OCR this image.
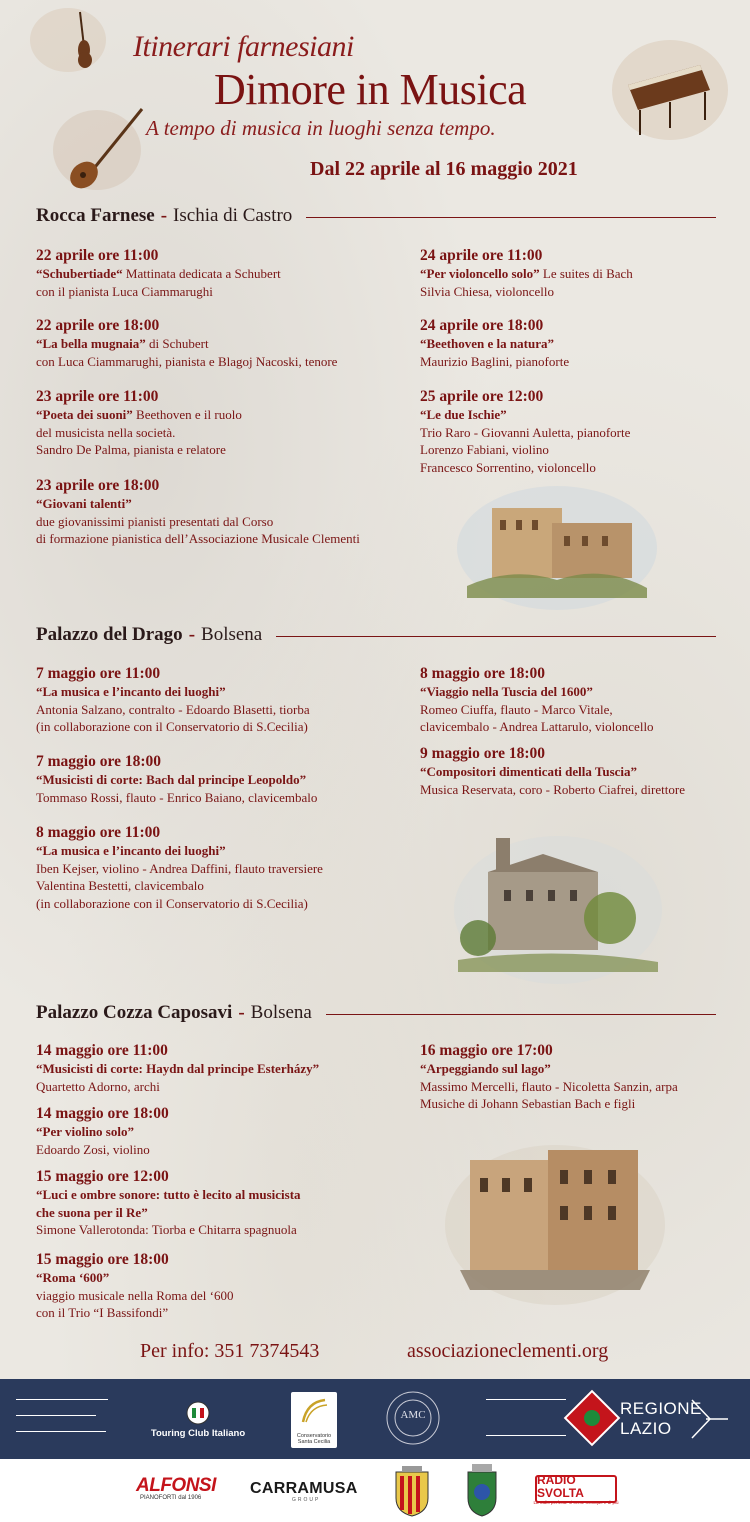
Itinerari farnesiani
Dimore in Musica
A tempo di musica in luoghi senza tempo.
Dal 22 aprile al 16 maggio 2021
Rocca Farnese - Ischia di Castro
22 aprile ore 11:00
“Schubertiade“ Mattinata dedicata a Schubert
con il pianista Luca Ciammarughi
22 aprile ore 18:00
“La bella mugnaia” di Schubert
con Luca Ciammarughi, pianista e Blagoj Nacoski, tenore
23 aprile ore 11:00
“Poeta dei suoni” Beethoven e il ruolo
del musicista nella società.
Sandro De Palma, pianista e relatore
23 aprile ore 18:00
“Giovani talenti”
due giovanissimi pianisti presentati dal Corso
di formazione pianistica dell’Associazione Musicale Clementi
24 aprile ore 11:00
“Per violoncello solo” Le suites di Bach
Silvia Chiesa, violoncello
24 aprile ore 18:00
“Beethoven e la natura”
Maurizio Baglini, pianoforte
25 aprile ore 12:00
“Le due Ischie”
Trio Raro - Giovanni Auletta, pianoforte
Lorenzo Fabiani, violino
Francesco Sorrentino, violoncello
Palazzo del Drago - Bolsena
7 maggio ore 11:00
“La musica e l’incanto dei luoghi”
Antonia Salzano, contralto - Edoardo Blasetti, tiorba
(in collaborazione con il Conservatorio di S.Cecilia)
7 maggio ore 18:00
“Musicisti di corte: Bach dal principe Leopoldo”
Tommaso Rossi, flauto - Enrico Baiano, clavicembalo
8 maggio ore 11:00
“La musica e l’incanto dei luoghi”
Iben Kejser, violino - Andrea Daffini, flauto traversiere
Valentina Bestetti, clavicembalo
(in collaborazione con il Conservatorio di S.Cecilia)
8 maggio ore 18:00
“Viaggio nella Tuscia del 1600”
Romeo Ciuffa, flauto - Marco Vitale,
clavicembalo - Andrea Lattarulo, violoncello
9 maggio ore 18:00
“Compositori dimenticati della Tuscia”
Musica Reservata, coro - Roberto Ciafrei, direttore
Palazzo Cozza Caposavi - Bolsena
14 maggio ore 11:00
“Musicisti di corte: Haydn dal principe Esterházy”
Quartetto Adorno, archi
14 maggio ore 18:00
“Per violino solo”
Edoardo Zosi, violino
15 maggio ore 12:00
“Luci e ombre sonore: tutto è lecito al musicista
che suona per il Re”
Simone Vallerotonda: Tiorba e Chitarra spagnuola
15 maggio ore 18:00
“Roma ‘600”
viaggio musicale nella Roma del ‘600
con il Trio “I Bassifondi”
16 maggio ore 17:00
“Arpeggiando sul lago”
Massimo Mercelli, flauto - Nicoletta Sanzin, arpa
Musiche di Johann Sebastian Bach e figli
Per info: 351 7374543	associazioneclementi.org
Touring Club Italiano	Conservatorio Santa Cecilia
AMC	REGIONE
LAZIO
ALFONSI
PIANOFORTI dal 1906
CARRAMUSA
GROUP
RADIO SVOLTA
La radio perfetta: si sente ovunque e di più
